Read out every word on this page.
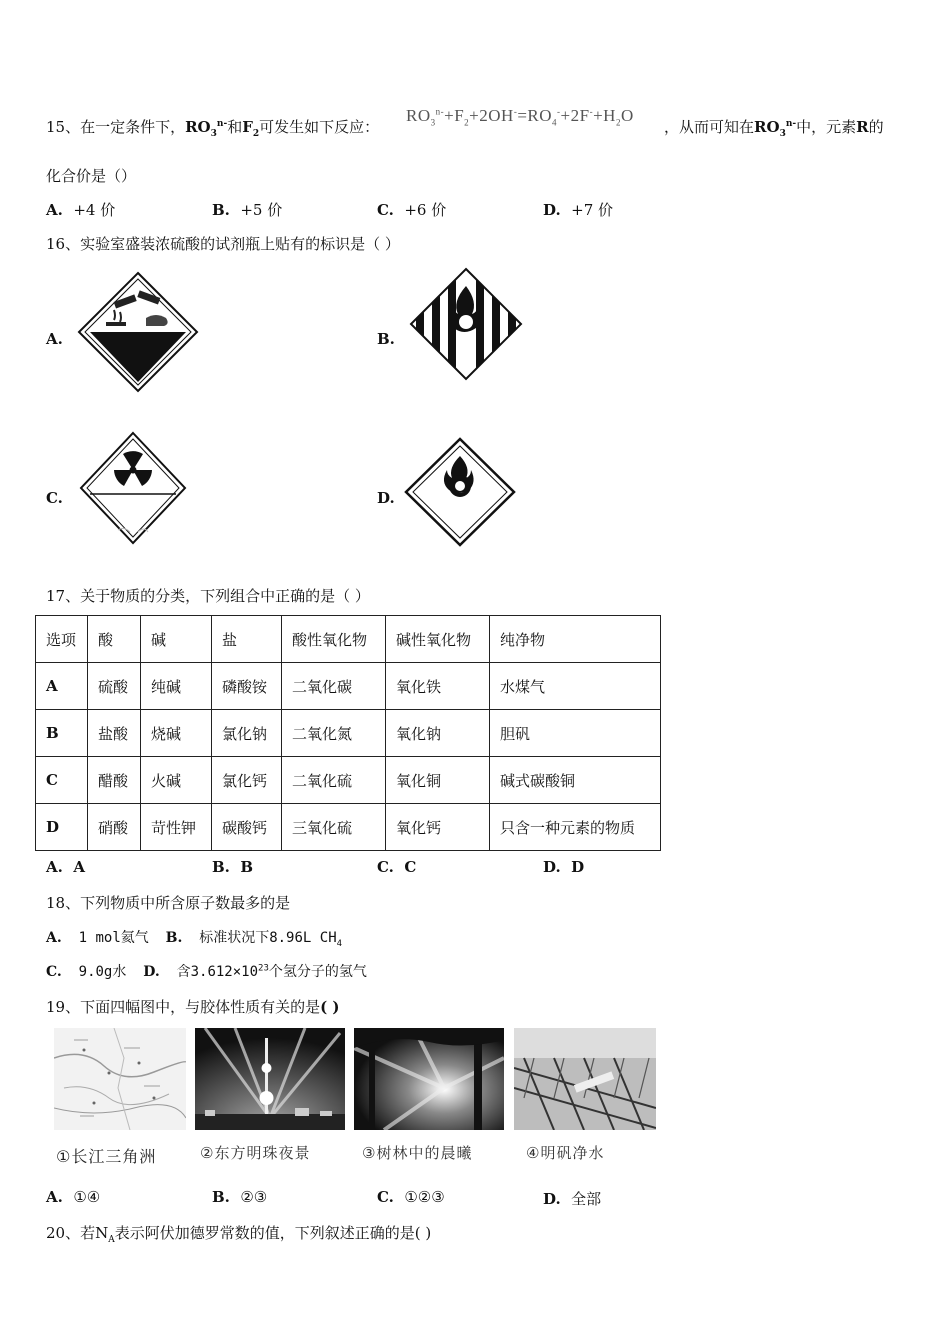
15、在一定条件下，$RO_3^{n-}$和$F_2$可发生如下反应：
$RO_3^{n-}+F_2+2OH^-=RO_4^-+2F^-+H_2O$
，从而可知在$RO_3^{n-}$中，元素R的
化合价是（）
A. +4 价	B. +5 价	C. +6 价	D. +7 价
16、实验室盛装浓硫酸的试剂瓶上贴有的标识是（ ）
A.	B.
C.	D.
17、关于物质的分类，下列组合中正确的是（ ）
选项	酸	碱	盐	酸性氧化物	碱性氧化物	纯净物
A	硫酸	纯碱	磷酸铵	二氧化碳	氧化铁	水煤气
B	盐酸	烧碱	氯化钠	二氧化氮	氧化钠	胆矾
C	醋酸	火碱	氯化钙	二氧化硫	氧化铜	碱式碳酸铜
D	硝酸	苛性钾	碳酸钙	三氧化硫	氧化钙	只含一种元素的物质
A. A	B. B	C. C	D. D
18、下列物质中所含原子数最多的是
A. 1 mol氦气 B. 标准状况下8.96L $CH_4$
C. 9.0g水 D. 含$3.612\times 10^{23}$个氢分子的氢气
19、下面四幅图中，与胶体性质有关的是( )
①长江三角洲	②东方明珠夜景	③树林中的晨曦	④明矾净水
A. ①④	B. ②③	C. ①②③	D. 全部
20、若$N_A$表示阿伏加德罗常数的值，下列叙述正确的是( )
